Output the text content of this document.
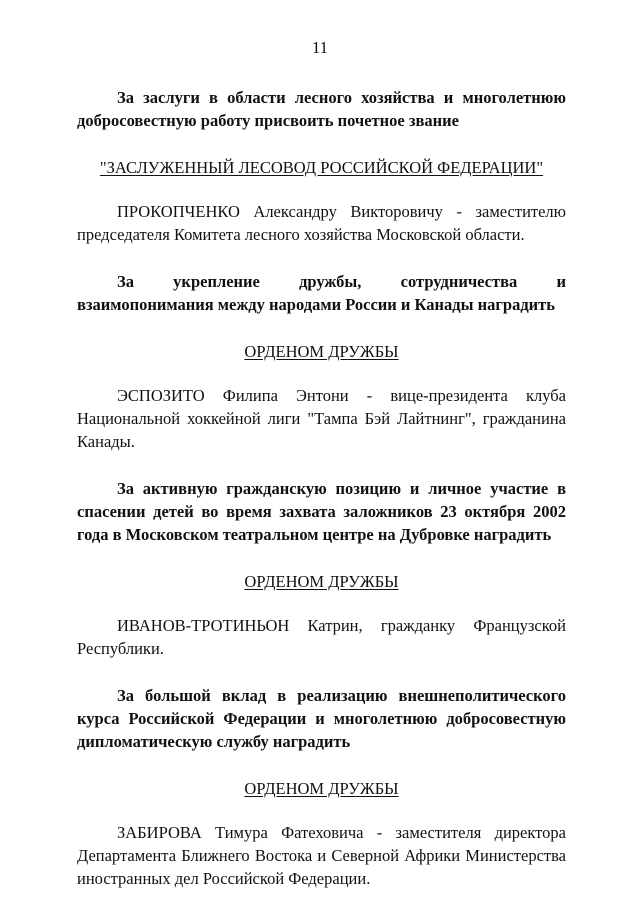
11

За заслуги в области лесного хозяйства и многолетнюю добросовестную работу присвоить почетное звание

"ЗАСЛУЖЕННЫЙ ЛЕСОВОД РОССИЙСКОЙ ФЕДЕРАЦИИ"

ПРОКОПЧЕНКО Александру Викторовичу - заместителю председателя Комитета лесного хозяйства Московской области.

За укрепление дружбы, сотрудничества и взаимопонимания между народами России и Канады наградить

ОРДЕНОМ ДРУЖБЫ

ЭСПОЗИТО Филипа Энтони - вице-президента клуба Национальной хоккейной лиги "Тампа Бэй Лайтнинг", гражданина Канады.

За активную гражданскую позицию и личное участие в спасении детей во время захвата заложников 23 октября 2002 года в Московском театральном центре на Дубровке наградить

ОРДЕНОМ ДРУЖБЫ

ИВАНОВ-ТРОТИНЬОН Катрин, гражданку Французской Республики.

За большой вклад в реализацию внешнеполитического курса Российской Федерации и многолетнюю добросовестную дипломатическую службу наградить

ОРДЕНОМ ДРУЖБЫ

ЗАБИРОВА Тимура Фатеховича - заместителя директора Департамента Ближнего Востока и Северной Африки Министерства иностранных дел Российской Федерации.
